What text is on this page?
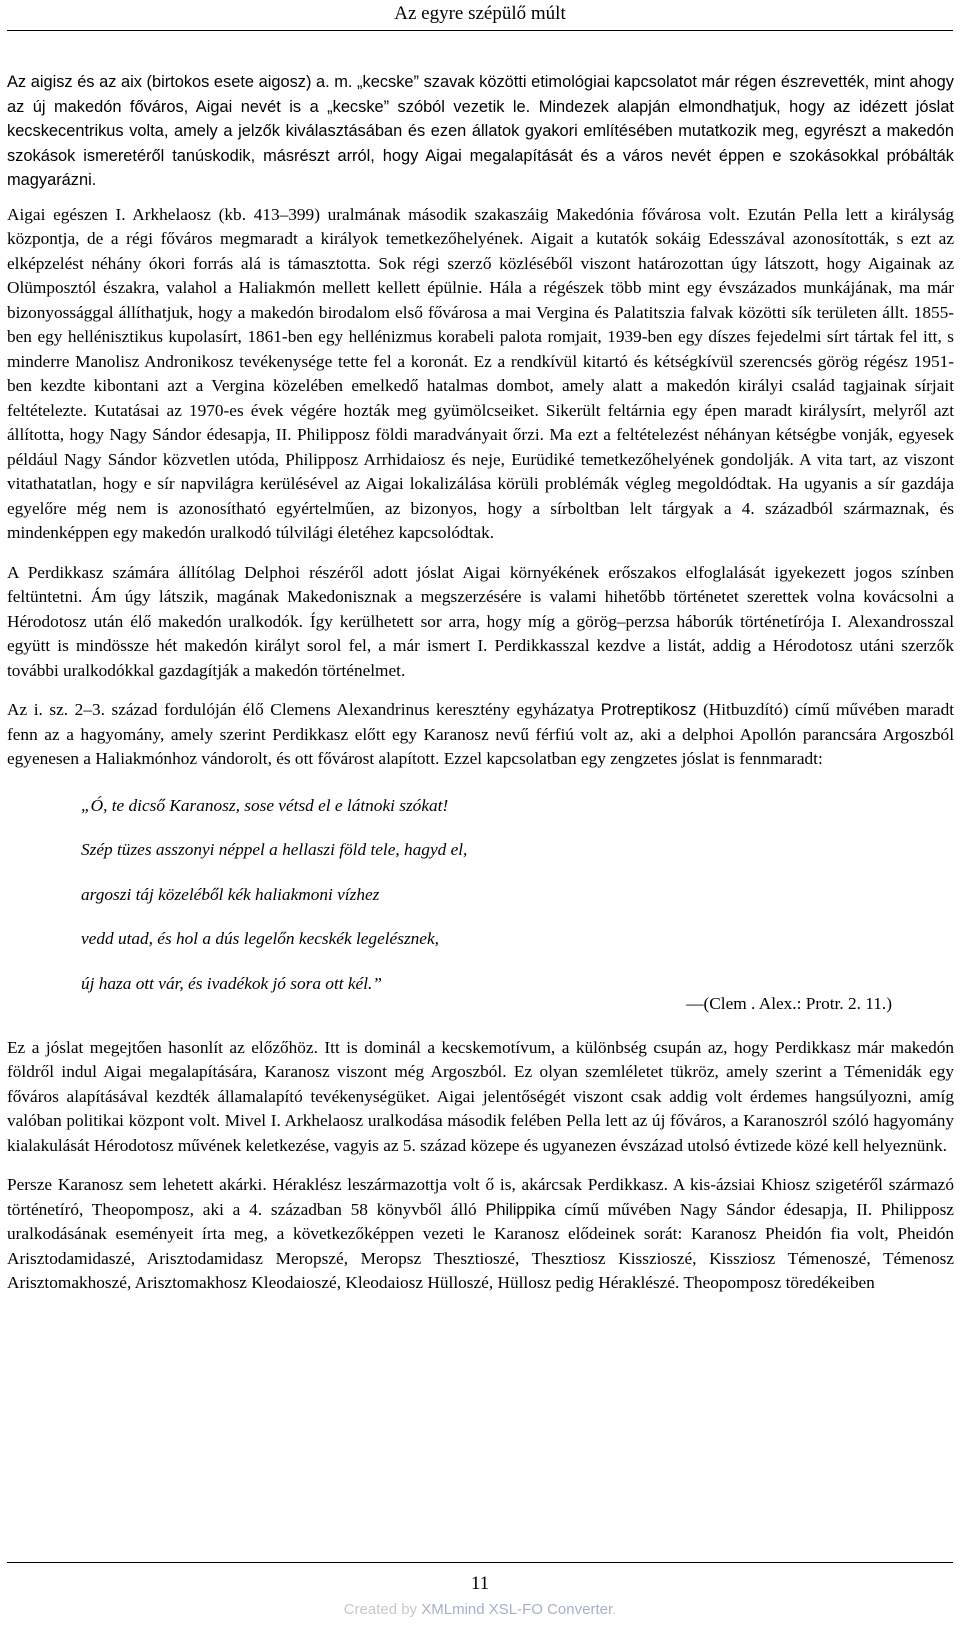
Az egyre szépülő múlt

Az aigisz és az aix (birtokos esete aigosz) a. m. „kecske” szavak közötti etimológiai kapcsolatot már régen észrevették, mint ahogy az új makedón főváros, Aigai nevét is a „kecske” szóból vezetik le. Mindezek alapján elmondhatjuk, hogy az idézett jóslat kecskecentrikus volta, amely a jelzők kiválasztásában és ezen állatok gyakori említésében mutatkozik meg, egyrészt a makedón szokások ismeretéről tanúskodik, másrészt arról, hogy Aigai megalapítását és a város nevét éppen e szokásokkal próbálták magyarázni.

Aigai egészen I. Arkhelaosz (kb. 413–399) uralmának második szakaszáig Makedónia fővárosa volt. Ezután Pella lett a királyság központja, de a régi főváros megmaradt a királyok temetkezőhelyének. Aigait a kutatók sokáig Edesszával azonosították, s ezt az elképzelést néhány ókori forrás alá is támasztotta. Sok régi szerző közléséből viszont határozottan úgy látszott, hogy Aigainak az Olümposztól északra, valahol a Haliakmón mellett kellett épülnie. Hála a régészek több mint egy évszázados munkájának, ma már bizonyossággal állíthatjuk, hogy a makedón birodalom első fővárosa a mai Vergina és Palatitszia falvak közötti sík területen állt. 1855-ben egy hellénisztikus kupolasírt, 1861-ben egy hellénizmus korabeli palota romjait, 1939-ben egy díszes fejedelmi sírt tártak fel itt, s minderre Manolisz Andronikosz tevékenysége tette fel a koronát. Ez a rendkívül kitartó és kétségkívül szerencsés görög régész 1951-ben kezdte kibontani azt a Vergina közelében emelkedő hatalmas dombot, amely alatt a makedón királyi család tagjainak sírjait feltételezte. Kutatásai az 1970-es évek végére hozták meg gyümölcseiket. Sikerült feltárnia egy épen maradt királysírt, melyről azt állította, hogy Nagy Sándor édesapja, II. Philipposz földi maradványait őrzi. Ma ezt a feltételezést néhányan kétségbe vonják, egyesek például Nagy Sándor közvetlen utóda, Philipposz Arrhidaiosz és neje, Eurüdiké temetkezőhelyének gondolják. A vita tart, az viszont vitathatatlan, hogy e sír napvilágra kerülésével az Aigai lokalizálása körüli problémák végleg megoldódtak. Ha ugyanis a sír gazdája egyelőre még nem is azonosítható egyértelműen, az bizonyos, hogy a sírboltban lelt tárgyak a 4. századból származnak, és mindenképpen egy makedón uralkodó túlvilági életéhez kapcsolódtak.

A Perdikkasz számára állítólag Delphoi részéről adott jóslat Aigai környékének erőszakos elfoglalását igyekezett jogos színben feltüntetni. Ám úgy látszik, magának Makedonisznak a megszerzésére is valami hihetőbb történetet szerettek volna kovácsolni a Hérodotosz után élő makedón uralkodók. Így kerülhetett sor arra, hogy míg a görög–perzsa háborúk történetírója I. Alexandrosszal együtt is mindössze hét makedón királyt sorol fel, a már ismert I. Perdikkasszal kezdve a listát, addig a Hérodotosz utáni szerzők további uralkodókkal gazdagítják a makedón történelmet.

Az i. sz. 2–3. század fordulóján élő Clemens Alexandrinus keresztény egyházatya Protreptikosz (Hitbuzdító) című művében maradt fenn az a hagyomány, amely szerint Perdikkasz előtt egy Karanosz nevű férfiú volt az, aki a delphoi Apollón parancsára Argoszból egyenesen a Haliakmónhoz vándorolt, és ott fővárost alapított. Ezzel kapcsolatban egy zengzetes jóslat is fennmaradt:

„Ó, te dicső Karanosz, sose vétsd el e látnoki szókat!
Szép tüzes asszonyi néppel a hellaszi föld tele, hagyd el,
argoszi táj közeléből kék haliakmoni vízhez
vedd utad, és hol a dús legelőn kecskék legelésznek,
új haza ott vár, és ivadékok jó sora ott kél.”
—(Clem . Alex.: Protr. 2. 11.)

Ez a jóslat megejtően hasonlít az előzőhöz. Itt is dominál a kecskemotívum, a különbség csupán az, hogy Perdikkasz már makedón földről indul Aigai megalapítására, Karanosz viszont még Argoszból. Ez olyan szemléletet tükröz, amely szerint a Témenidák egy főváros alapításával kezdték államalapító tevékenységüket. Aigai jelentőségét viszont csak addig volt érdemes hangsúlyozni, amíg valóban politikai központ volt. Mivel I. Arkhelaosz uralkodása második felében Pella lett az új főváros, a Karanoszról szóló hagyomány kialakulását Hérodotosz művének keletkezése, vagyis az 5. század közepe és ugyanezen évszázad utolsó évtizede közé kell helyeznünk.

Persze Karanosz sem lehetett akárki. Héraklész leszármazottja volt ő is, akárcsak Perdikkasz. A kis-ázsiai Khiosz szigetéről származó történetíró, Theopomposz, aki a 4. században 58 könyvből álló Philippika című művében Nagy Sándor édesapja, II. Philipposz uralkodásának eseményeit írta meg, a következőképpen vezeti le Karanosz elődeinek sorát: Karanosz Pheidón fia volt, Pheidón Arisztodamidaszé, Arisztodamidasz Meropszé, Meropsz Thesztioszé, Thesztiosz Kisszioszé, Kissziosz Témenoszé, Témenosz Arisztomakhoszé, Arisztomakhosz Kleodaioszé, Kleodaiosz Hülloszé, Hüllosz pedig Héraklészé. Theopomposz töredékeiben

11
Created by XMLmind XSL-FO Converter.
